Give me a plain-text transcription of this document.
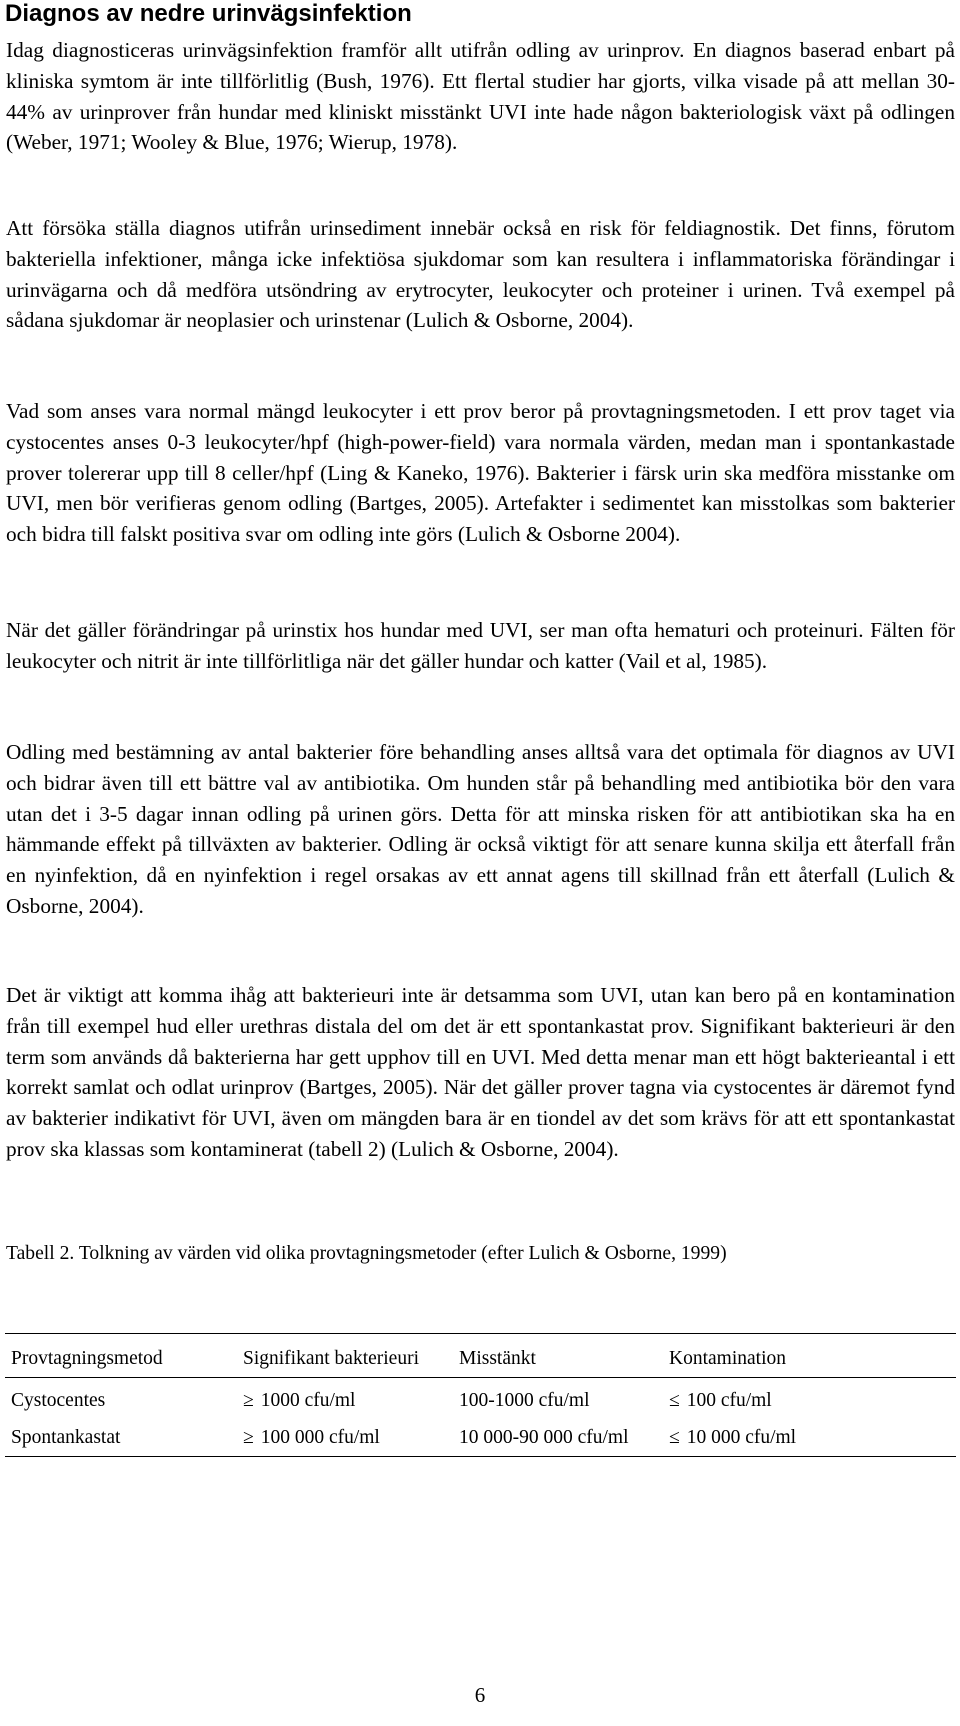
Diagnos av nedre urinvägsinfektion

Idag diagnosticeras urinvägsinfektion framför allt utifrån odling av urinprov. En diagnos baserad enbart på kliniska symtom är inte tillförlitlig (Bush, 1976). Ett flertal studier har gjorts, vilka visade på att mellan 30-44% av urinprover från hundar med kliniskt misstänkt UVI inte hade någon bakteriologisk växt på odlingen (Weber, 1971; Wooley & Blue, 1976; Wierup, 1978).

Att försöka ställa diagnos utifrån urinsediment innebär också en risk för feldiagnostik. Det finns, förutom bakteriella infektioner, många icke infektiösa sjukdomar som kan resultera i inflammatoriska förändingar i urinvägarna och då medföra utsöndring av erytrocyter, leukocyter och proteiner i urinen. Två exempel på sådana sjukdomar är neoplasier och urinstenar (Lulich & Osborne, 2004).

Vad som anses vara normal mängd leukocyter i ett prov beror på provtagningsmetoden. I ett prov taget via cystocentes anses 0-3 leukocyter/hpf (high-power-field) vara normala värden, medan man i spontankastade prover tolererar upp till 8 celler/hpf (Ling & Kaneko, 1976). Bakterier i färsk urin ska medföra misstanke om UVI, men bör verifieras genom odling (Bartges, 2005). Artefakter i sedimentet kan misstolkas som bakterier och bidra till falskt positiva svar om odling inte görs (Lulich & Osborne 2004).

När det gäller förändringar på urinstix hos hundar med UVI, ser man ofta hematuri och proteinuri. Fälten för leukocyter och nitrit är inte tillförlitliga när det gäller hundar och katter (Vail et al, 1985).

Odling med bestämning av antal bakterier före behandling anses alltså vara det optimala för diagnos av UVI och bidrar även till ett bättre val av antibiotika. Om hunden står på behandling med antibiotika bör den vara utan det i 3-5 dagar innan odling på urinen görs. Detta för att minska risken för att antibiotikan ska ha en hämmande effekt på tillväxten av bakterier. Odling är också viktigt för att senare kunna skilja ett återfall från en nyinfektion, då en nyinfektion i regel orsakas av ett annat agens till skillnad från ett återfall (Lulich & Osborne, 2004).

Det är viktigt att komma ihåg att bakterieuri inte är detsamma som UVI, utan kan bero på en kontamination från till exempel hud eller urethras distala del om det är ett spontankastat prov. Signifikant bakterieuri är den term som används då bakterierna har gett upphov till en UVI. Med detta menar man ett högt bakterieantal i ett korrekt samlat och odlat urinprov (Bartges, 2005). När det gäller prover tagna via cystocentes är däremot fynd av bakterier indikativt för UVI, även om mängden bara är en tiondel av det som krävs för att ett spontankastat prov ska klassas som kontaminerat (tabell 2) (Lulich & Osborne, 2004).

Tabell 2. Tolkning av värden vid olika provtagningsmetoder (efter Lulich & Osborne, 1999)

Provtagningsmetod	Signifikant bakterieuri	Misstänkt	Kontamination
Cystocentes	≥ 1000 cfu/ml	100-1000 cfu/ml	≤ 100 cfu/ml
Spontankastat	≥ 100 000 cfu/ml	10 000-90 000 cfu/ml	≤ 10 000 cfu/ml
6
